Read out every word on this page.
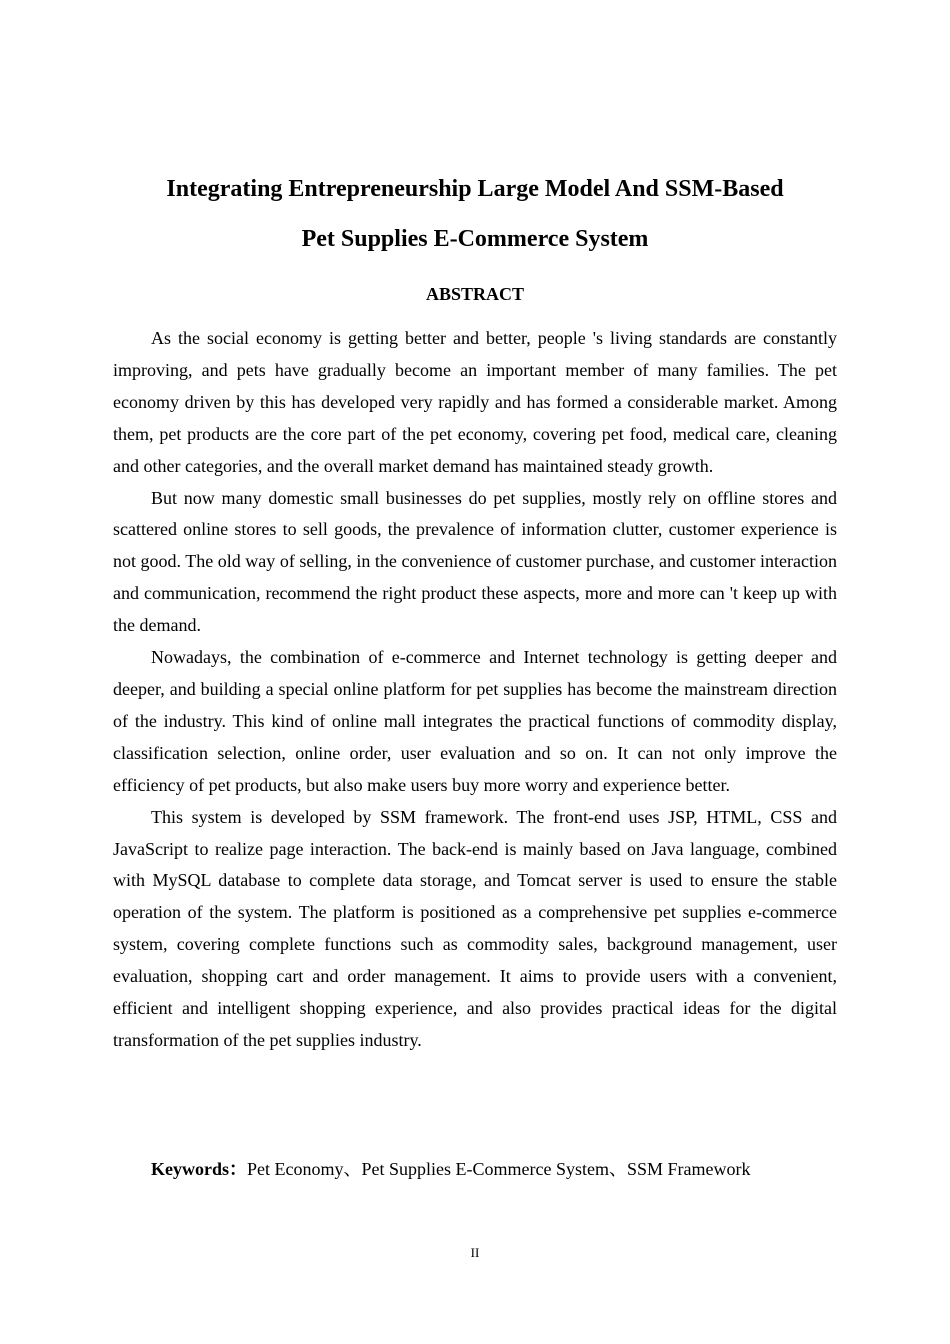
Integrating Entrepreneurship Large Model And SSM-Based
Pet Supplies E-Commerce System
ABSTRACT

As the social economy is getting better and better, people 's living standards are constantly improving, and pets have gradually become an important member of many families. The pet economy driven by this has developed very rapidly and has formed a considerable market. Among them, pet products are the core part of the pet economy, covering pet food, medical care, cleaning and other categories, and the overall market demand has maintained steady growth.

But now many domestic small businesses do pet supplies, mostly rely on offline stores and scattered online stores to sell goods, the prevalence of information clutter, customer experience is not good. The old way of selling, in the convenience of customer purchase, and customer interaction and communication, recommend the right product these aspects, more and more can 't keep up with the demand.

Nowadays, the combination of e-commerce and Internet technology is getting deeper and deeper, and building a special online platform for pet supplies has become the mainstream direction of the industry. This kind of online mall integrates the practical functions of commodity display, classification selection, online order, user evaluation and so on. It can not only improve the efficiency of pet products, but also make users buy more worry and experience better.

This system is developed by SSM framework. The front-end uses JSP, HTML, CSS and JavaScript to realize page interaction. The back-end is mainly based on Java language, combined with MySQL database to complete data storage, and Tomcat server is used to ensure the stable operation of the system. The platform is positioned as a comprehensive pet supplies e-commerce system, covering complete functions such as commodity sales, background management, user evaluation, shopping cart and order management. It aims to provide users with a convenient, efficient and intelligent shopping experience, and also provides practical ideas for the digital transformation of the pet supplies industry.

Keywords：Pet Economy、Pet Supplies E-Commerce System、SSM Framework

II
